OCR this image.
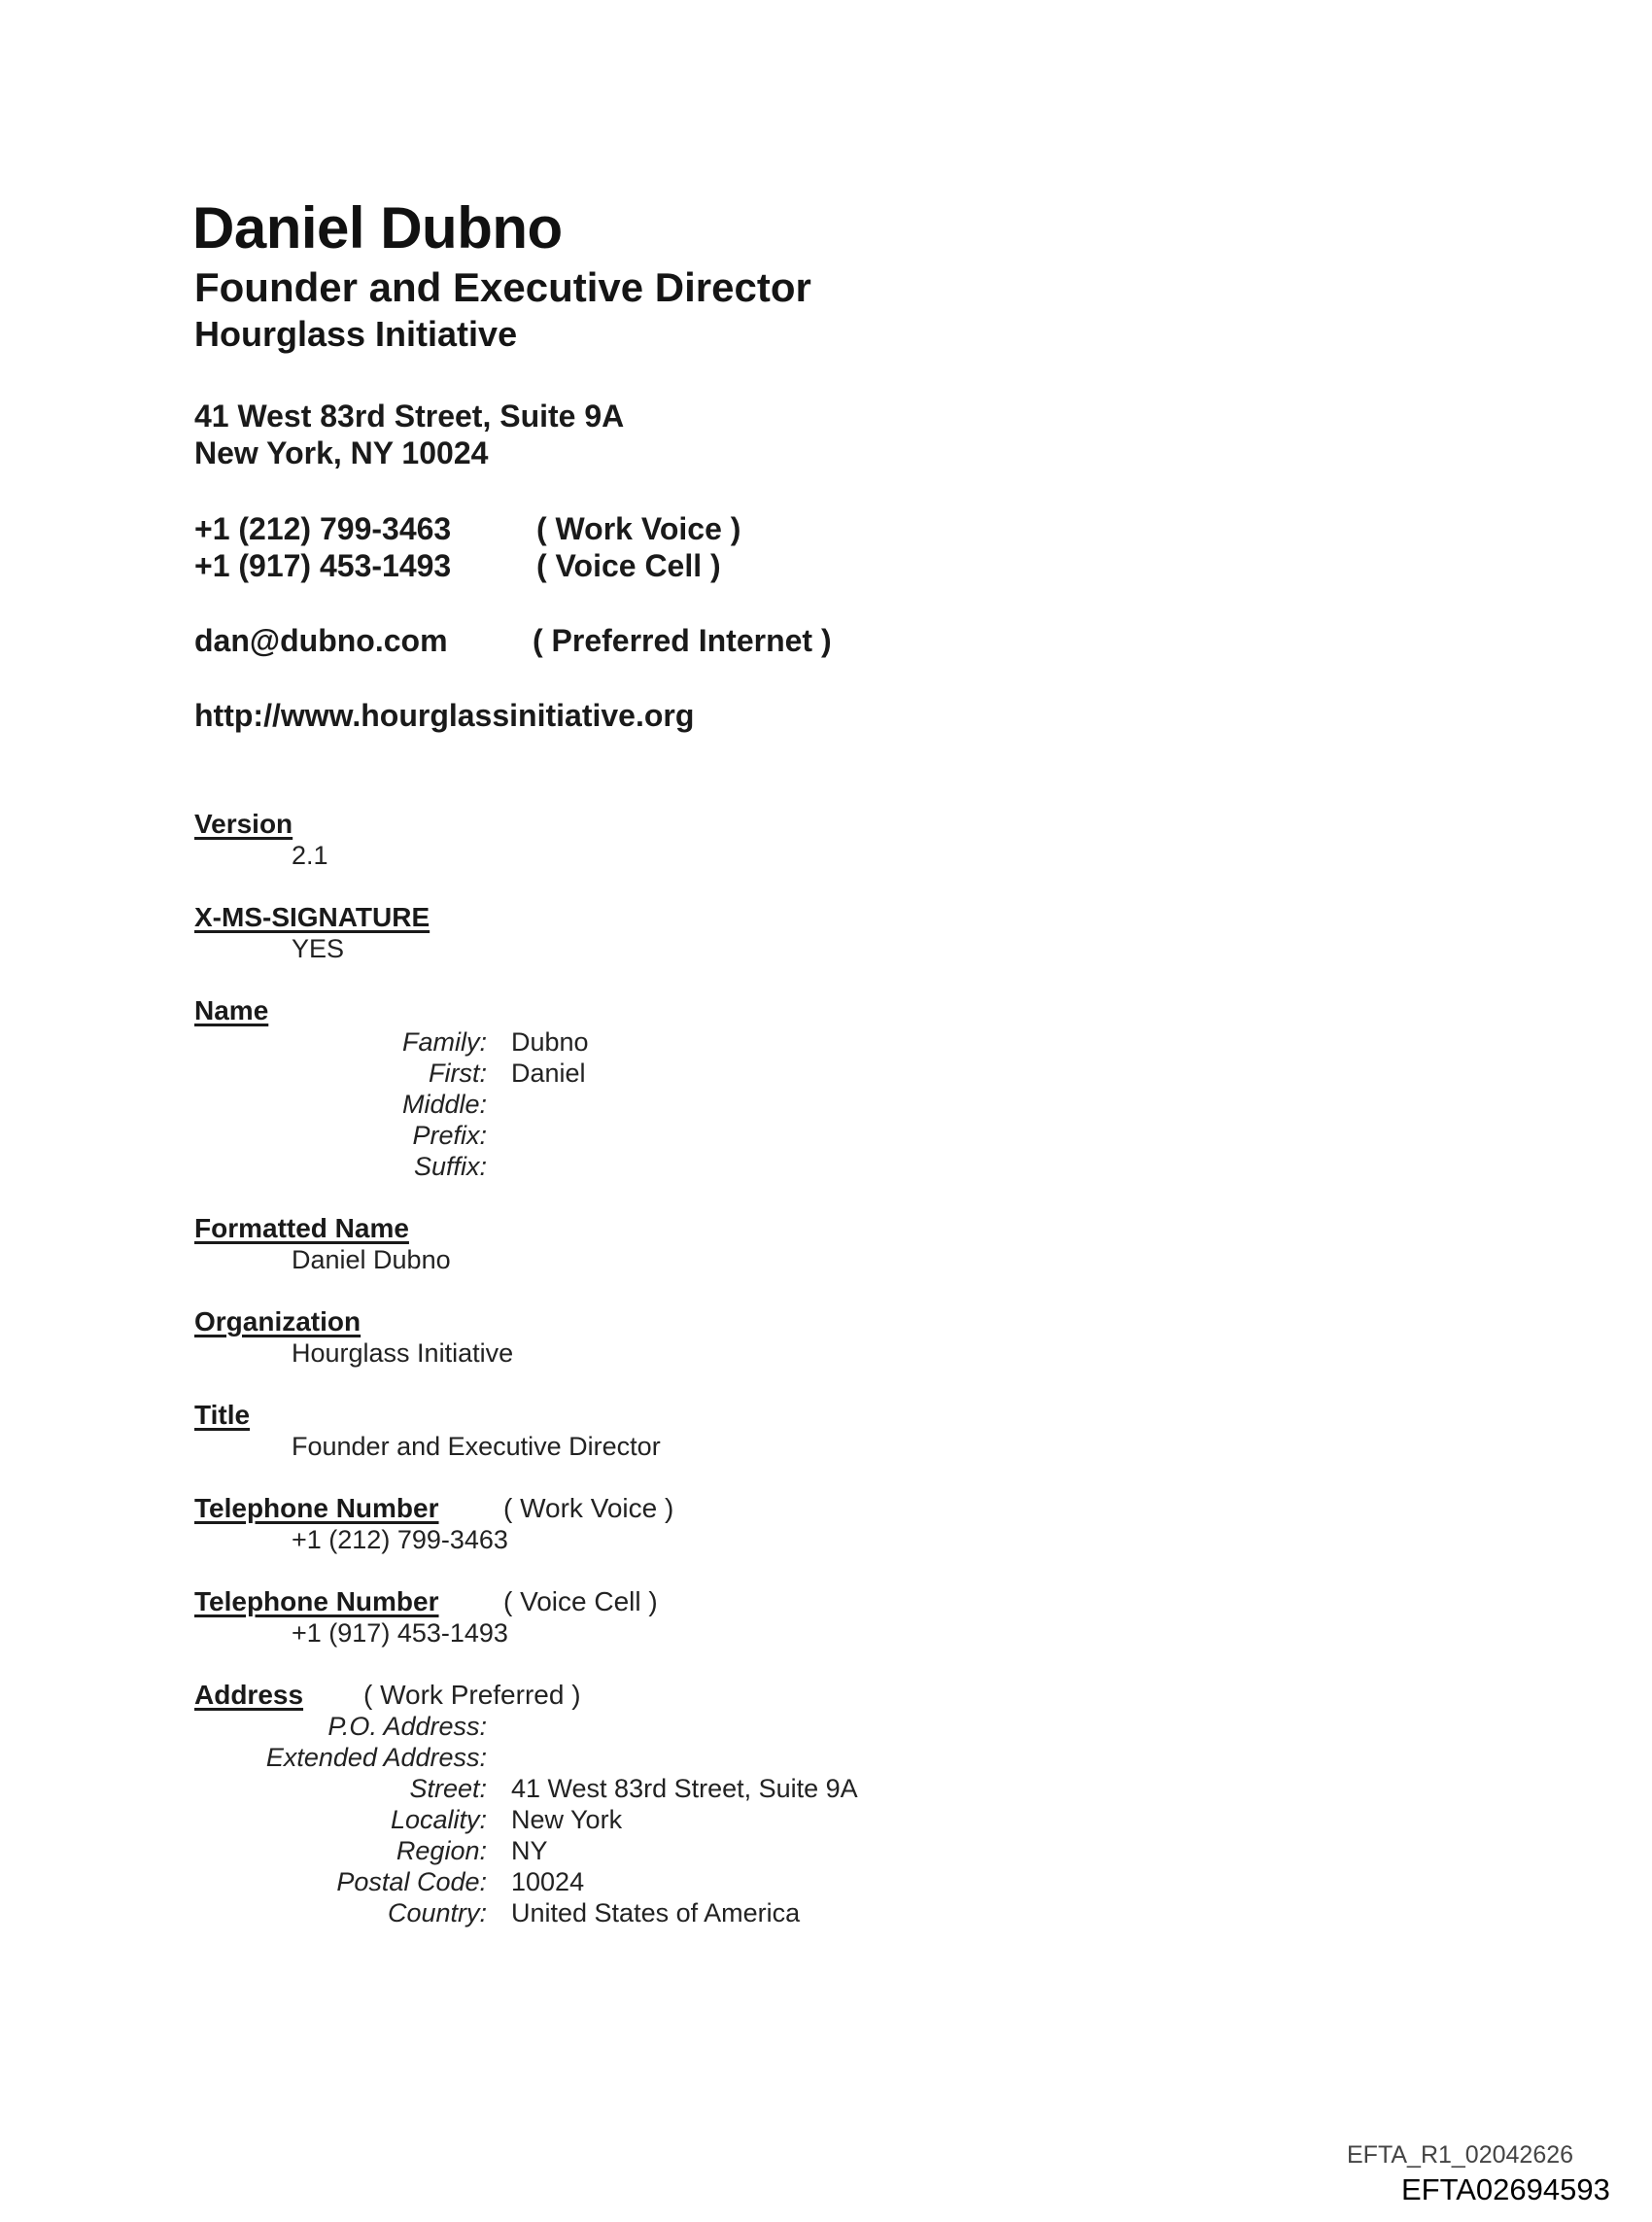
Daniel Dubno
Founder and Executive Director
Hourglass Initiative
41 West 83rd Street, Suite 9A
New York, NY 10024
+1 (212) 799-3463	( Work Voice )
+1 (917) 453-1493	( Voice Cell )
dan@dubno.com	( Preferred Internet )
http://www.hourglassinitiative.org
Version
2.1
X-MS-SIGNATURE
YES
Name
Family: Dubno
First: Daniel
Middle:
Prefix:
Suffix:
Formatted Name
Daniel Dubno
Organization
Hourglass Initiative
Title
Founder and Executive Director
Telephone Number ( Work Voice )
+1 (212) 799-3463
Telephone Number ( Voice Cell )
+1 (917) 453-1493
Address ( Work Preferred )
P.O. Address:
Extended Address:
Street: 41 West 83rd Street, Suite 9A
Locality: New York
Region: NY
Postal Code: 10024
Country: United States of America
EFTA_R1_02042626
EFTA02694593
